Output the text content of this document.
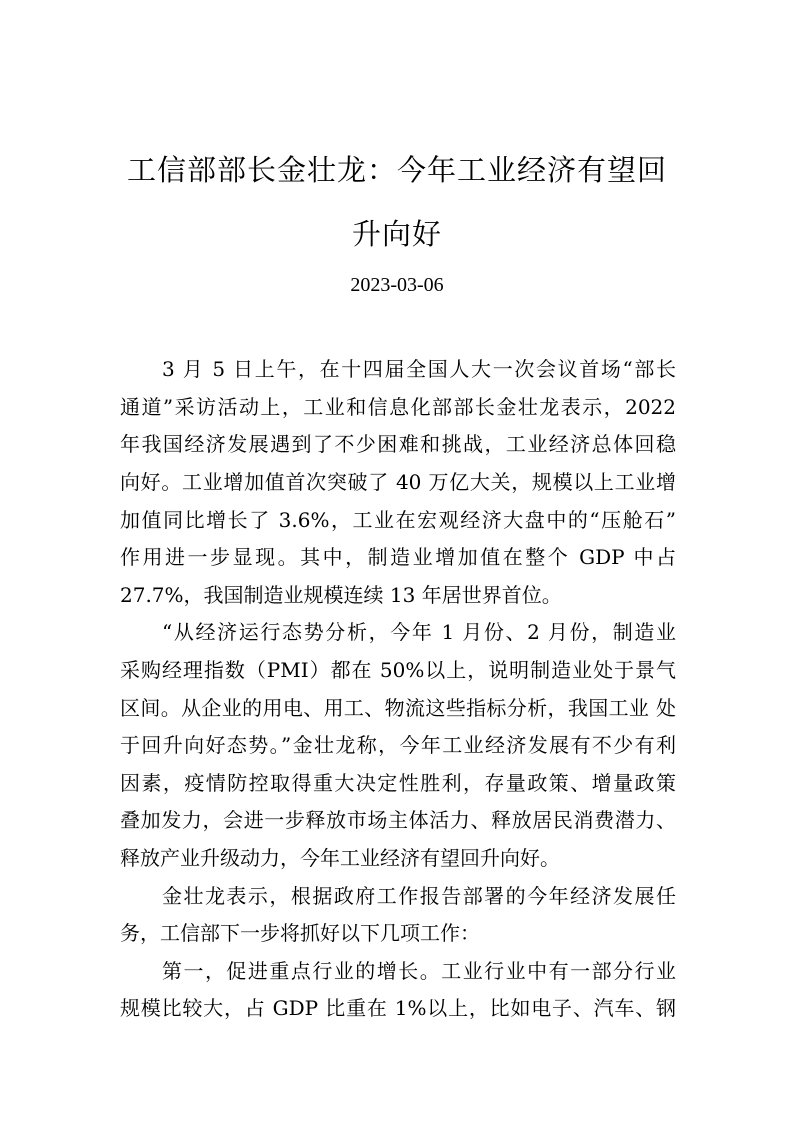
工信部部长金壮龙：今年工业经济有望回
升向好
2023-03-06
3 月 5 日上午，在十四届全国人大一次会议首场“部长
通道”采访活动上，工业和信息化部部长金壮龙表示，2022
年我国经济发展遇到了不少困难和挑战，工业经济总体回稳
向好。工业增加值首次突破了 40 万亿大关，规模以上工业增
加值同比增长了 3.6%，工业在宏观经济大盘中的“压舱石”
作用进一步显现。其中，制造业增加值在整个 GDP 中占
27.7%，我国制造业规模连续 13 年居世界首位。
“从经济运行态势分析，今年 1 月份、2 月份，制造业
采购经理指数（PMI）都在 50%以上，说明制造业处于景气
区间。从企业的用电、用工、物流这些指标分析，我国工业 处
于回升向好态势。”金壮龙称，今年工业经济发展有不少有利
因素，疫情防控取得重大决定性胜利，存量政策、增量政策
叠加发力，会进一步释放市场主体活力、释放居民消费潜力、
释放产业升级动力，今年工业经济有望回升向好。
金壮龙表示，根据政府工作报告部署的今年经济发展任
务，工信部下一步将抓好以下几项工作：
第一，促进重点行业的增长。工业行业中有一部分行业
规模比较大，占 GDP 比重在 1%以上，比如电子、汽车、钢
